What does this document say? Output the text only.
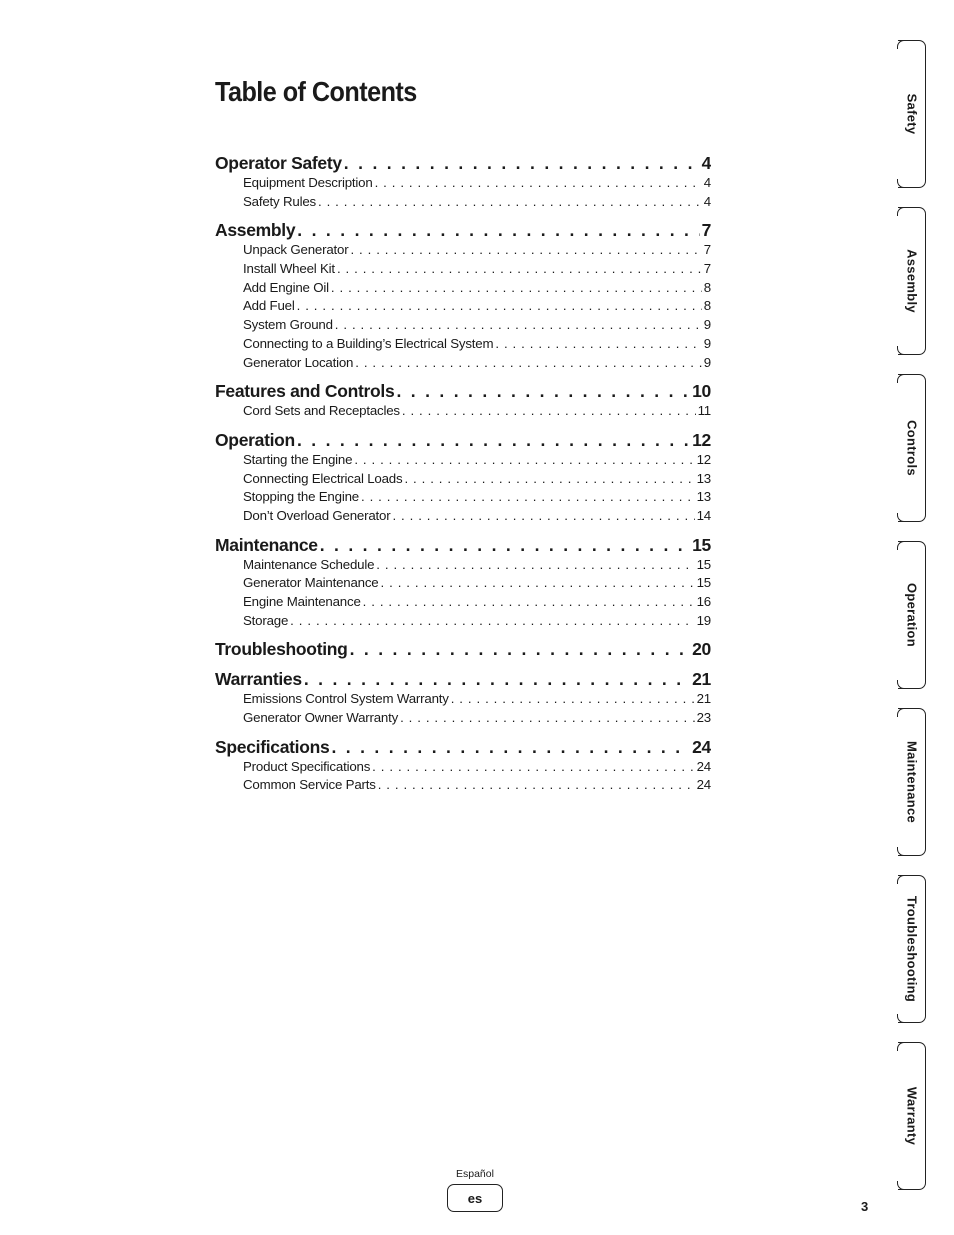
Table of Contents
Operator Safety . . .	4
Equipment Description . . .	4
Safety Rules . . .	4
Assembly . . .	7
Unpack Generator . . .	7
Install Wheel Kit . . .	7
Add Engine Oil . . .	8
Add Fuel . . .	8
System Ground . . .	9
Connecting to a Building’s Electrical System . . .	9
Generator Location . . .	9
Features and Controls . . .	10
Cord Sets and Receptacles . . .	11
Operation . . .	12
Starting the Engine . . .	12
Connecting Electrical Loads . . .	13
Stopping the Engine . . .	13
Don’t Overload Generator . . .	14
Maintenance . . .	15
Maintenance Schedule . . .	15
Generator Maintenance . . .	15
Engine Maintenance . . .	16
Storage . . .	19
Troubleshooting . . .	20
Warranties . . .	21
Emissions Control System Warranty . . .	21
Generator Owner Warranty . . .	23
Specifications . . .	24
Product Specifications . . .	24
Common Service Parts . . .	24
Safety
Assembly
Controls
Operation
Maintenance
Troubleshooting
Warranty
Español
es
3
